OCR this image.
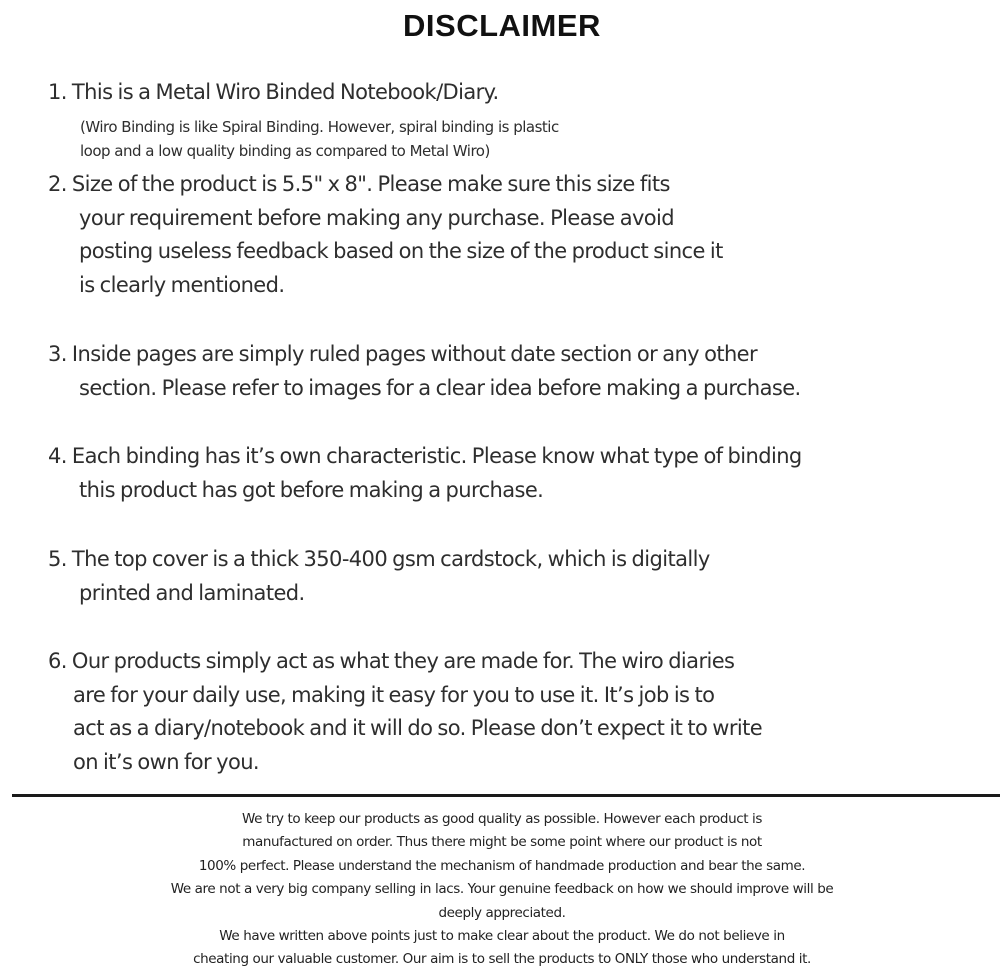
DISCLAIMER
1. This is a Metal Wiro Binded Notebook/Diary.
(Wiro Binding is like Spiral Binding. However, spiral binding is plastic
loop and a low quality binding as compared to Metal Wiro)
2. Size of the product is 5.5" x 8". Please make sure this size fits
your requirement before making any purchase. Please avoid
posting useless feedback based on the size of the product since it
is clearly mentioned.
3. Inside pages are simply ruled pages without date section or any other
section. Please refer to images for a clear idea before making a purchase.
4. Each binding has it’s own characteristic. Please know what type of binding
this product has got before making a purchase.
5. The top cover is a thick 350-400 gsm cardstock, which is digitally
printed and laminated.
6. Our products simply act as what they are made for. The wiro diaries
are for your daily use, making it easy for you to use it. It’s job is to
act as a diary/notebook and it will do so. Please don’t expect it to write
on it’s own for you.
We try to keep our products as good quality as possible. However each product is
manufactured on order. Thus there might be some point where our product is not
100% perfect. Please understand the mechanism of handmade production and bear the same.
We are not a very big company selling in lacs. Your genuine feedback on how we should improve will be
deeply appreciated.
We have written above points just to make clear about the product. We do not believe in
cheating our valuable customer. Our aim is to sell the products to ONLY those who understand it.
